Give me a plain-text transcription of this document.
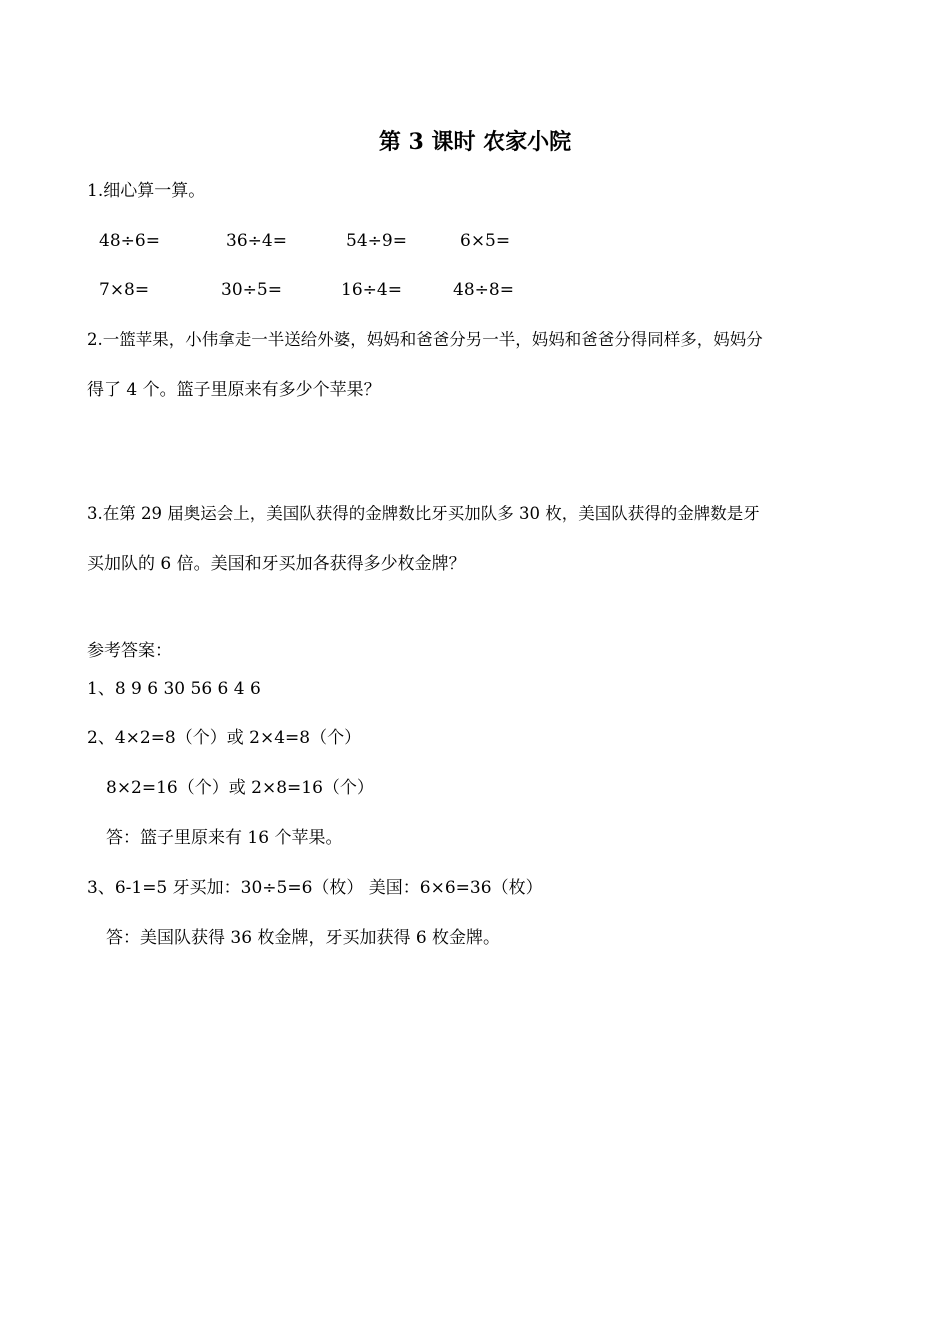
第 3 课时 农家小院
1.细心算一算。
48÷6=	36÷4=	54÷9=	6×5=
7×8=	30÷5=	16÷4=	48÷8=
2.一篮苹果，小伟拿走一半送给外婆，妈妈和爸爸分另一半，妈妈和爸爸分得同样多，妈妈分
得了 4 个。篮子里原来有多少个苹果？
3.在第 29 届奥运会上，美国队获得的金牌数比牙买加队多 30 枚，美国队获得的金牌数是牙
买加队的 6 倍。美国和牙买加各获得多少枚金牌？
参考答案：
1、8 9 6 30 56 6 4 6
2、4×2=8（个）或 2×4=8（个）
8×2=16（个）或 2×8=16（个）
答：篮子里原来有 16 个苹果。
3、6-1=5 牙买加：30÷5=6（枚） 美国：6×6=36（枚）
答：美国队获得 36 枚金牌，牙买加获得 6 枚金牌。
